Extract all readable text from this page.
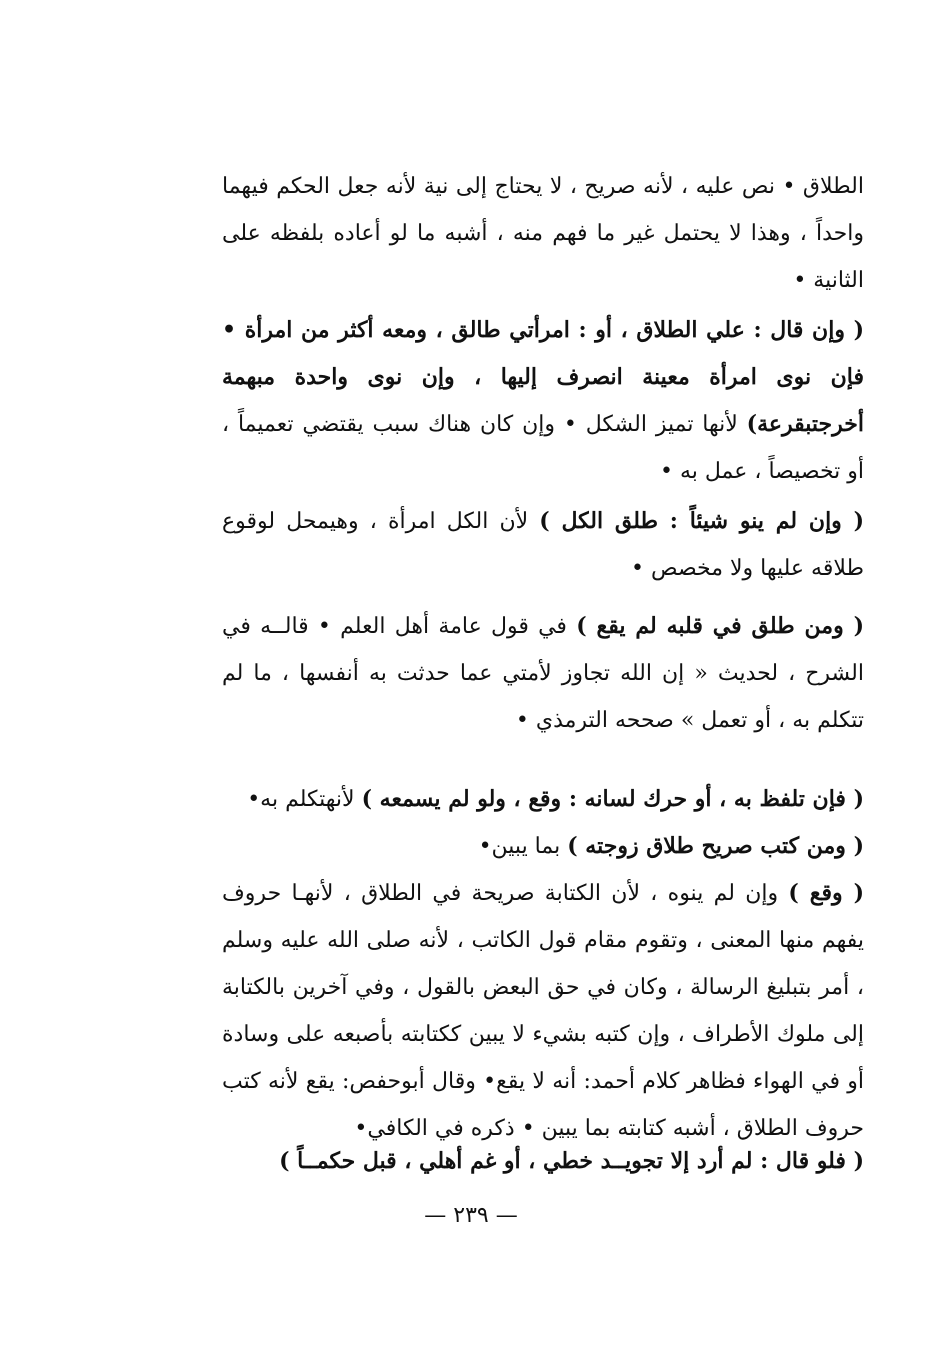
الطلاق • نص عليه ، لأنه صريح ، لا يحتاج إلى نية لأنه جعل الحكم فيهما واحداً ، وهذا لا يحتمل غير ما فهم منه ، أشبه ما لو أعاده بلفظه على الثانية •

( وإن قال : علي الطلاق ، أو : امرأتي طالق ، ومعه أكثر من امرأة • فإن نوى امرأة معينة انصرف إليها ، وإن نوى واحدة مبهمة أخرجتبقرعة) لأنها تميز الشكل • وإن كان هناك سبب يقتضي تعميماً ، أو تخصيصاً ، عمل به •

( وإن لم ينو شيئاً : طلق الكل ) لأن الكل امرأة ، وهيمحل لوقوع طلاقه عليها ولا مخصص •

( ومن طلق في قلبه لم يقع ) في قول عامة أهل العلم • قالــه في الشرح ، لحديث « إن الله تجاوز لأمتي عما حدثت به أنفسها ، ما لم تتكلم به ، أو تعمل » صححه الترمذي •

( فإن تلفظ به ، أو حرك لسانه : وقع ، ولو لم يسمعه ) لأنهتكلم به•
( ومن كتب صريح طلاق زوجته ) بما يبين•

( وقع ) وإن لم ينوه ، لأن الكتابة صريحة في الطلاق ، لأنهـا حروف يفهم منها المعنى ، وتقوم مقام قول الكاتب ، لأنه صلى الله عليه وسلم ، أمر بتبليغ الرسالة ، وكان في حق البعض بالقول ، وفي آخرين بالكتابة إلى ملوك الأطراف ، وإن كتبه بشيء لا يبين ككتابته بأصبعه على وسادة أو في الهواء فظاهر كلام أحمد: أنه لا يقع• وقال أبوحفص: يقع لأنه كتب حروف الطلاق ، أشبه كتابته بما يبين • ذكره في الكافي•

( فلو قال : لم أرد إلا تجويــد خطي ، أو غم أهلي ، قبل حكمــاً )
— ٢٣٩ —
